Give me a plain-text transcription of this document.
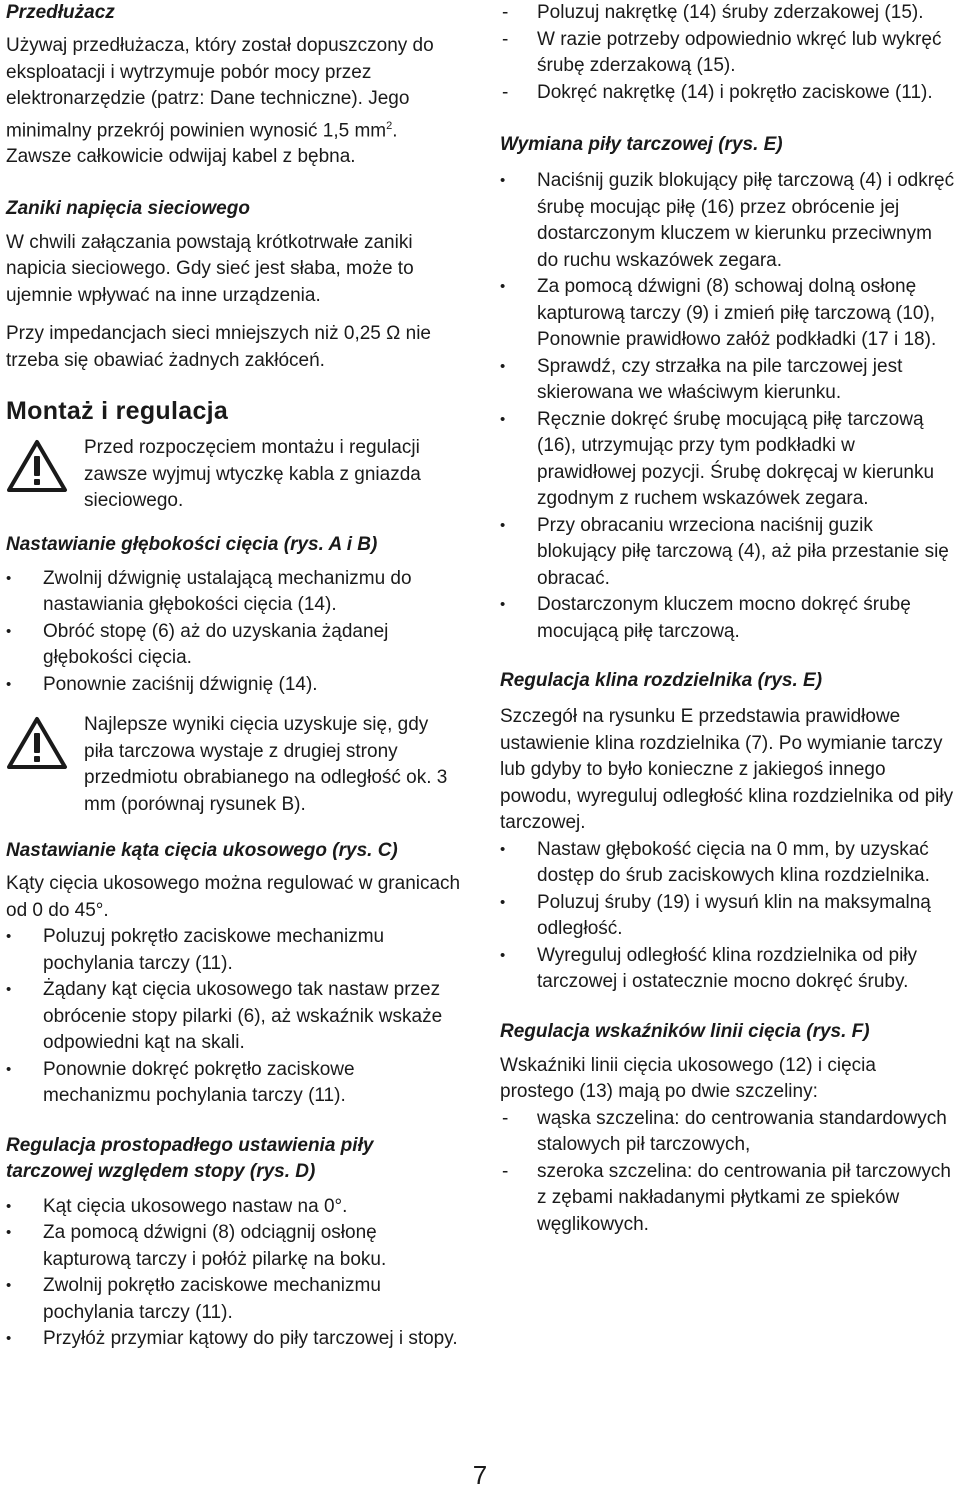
Przedłużacz

Używaj przedłużacza, który został dopuszczony do eksploatacji i wytrzymuje pobór mocy przez elektronarzędzie (patrz: Dane techniczne). Jego minimalny przekrój powinien wynosić 1,5 $mm^2$. Zawsze całkowicie odwijaj kabel z bębna.

Zaniki napięcia sieciowego

W chwili załączania powstają krótkotrwałe zaniki napicia sieciowego. Gdy sieć jest słaba, może to ujemnie wpływać na inne urządzenia.

Przy impedancjach sieci mniejszych niż 0,25 Ω nie trzeba się obawiać żadnych zakłóceń.

Montaż i regulacja

Przed rozpoczęciem montażu i regulacji zawsze wyjmuj wtyczkę kabla z gniazda sieciowego.

Nastawianie głębokości cięcia (rys. A i B)
• Zwolnij dźwignię ustalającą mechanizmu do nastawiania głębokości cięcia (14).
• Obróć stopę (6) aż do uzyskania żądanej głębokości cięcia.
• Ponownie zaciśnij dźwignię (14).

Najlepsze wyniki cięcia uzyskuje się, gdy piła tarczowa wystaje z drugiej strony przedmiotu obrabianego na odległość ok. 3 mm (porównaj rysunek B).

Nastawianie kąta cięcia ukosowego (rys. C)

Kąty cięcia ukosowego można regulować w granicach od 0 do 45°.

• Poluzuj pokrętło zaciskowe mechanizmu pochylania tarczy (11).
• Żądany kąt cięcia ukosowego tak nastaw przez obrócenie stopy pilarki (6), aż wskaźnik wskaże odpowiedni kąt na skali.
• Ponownie dokręć pokrętło zaciskowe mechanizmu pochylania tarczy (11).
Regulacja prostopadłego ustawienia piły tarczowej względem stopy (rys. D)
• Kąt cięcia ukosowego nastaw na 0°.
• Za pomocą dźwigni (8) odciągnij osłonę kapturową tarczy i połóż pilarkę na boku.
• Zwolnij pokrętło zaciskowe mechanizmu pochylania tarczy (11).
• Przyłóż przymiar kątowy do piły tarczowej i stopy.
- Poluzuj nakrętkę (14) śruby zderzakowej (15).
- W razie potrzeby odpowiednio wkręć lub wykręć śrubę zderzakową (15).
- Dokręć nakrętkę (14) i pokrętło zaciskowe (11).
Wymiana piły tarczowej (rys. E)
• Naciśnij guzik blokujący piłę tarczową (4) i odkręć śrubę mocując piłę (16) przez obrócenie jej dostarczonym kluczem w kierunku przeciwnym do ruchu wskazówek zegara.
• Za pomocą dźwigni (8) schowaj dolną osłonę kapturową tarczy (9) i zmień piłę tarczową (10), Ponownie prawidłowo załóż podkładki (17 i 18).
• Sprawdź, czy strzałka na pile tarczowej jest skierowana we właściwym kierunku.
• Ręcznie dokręć śrubę mocującą piłę tarczową (16), utrzymując przy tym podkładki w prawidłowej pozycji. Śrubę dokręcaj w kierunku zgodnym z ruchem wskazówek zegara.
• Przy obracaniu wrzeciona naciśnij guzik blokujący piłę tarczową (4), aż piła przestanie się obracać.
• Dostarczonym kluczem mocno dokręć śrubę mocującą piłę tarczową.
Regulacja klina rozdzielnika (rys. E)

Szczegół na rysunku E przedstawia prawidłowe ustawienie klina rozdzielnika (7). Po wymianie tarczy lub gdyby to było konieczne z jakiegoś innego powodu, wyreguluj odległość klina rozdzielnika od piły tarczowej.

• Nastaw głębokość cięcia na 0 mm, by uzyskać dostęp do śrub zaciskowych klina rozdzielnika.
• Poluzuj śruby (19) i wysuń klin na maksymalną odległość.
• Wyreguluj odległość klina rozdzielnika od piły tarczowej i ostatecznie mocno dokręć śruby.
Regulacja wskaźników linii cięcia (rys. F)

Wskaźniki linii cięcia ukosowego (12) i cięcia prostego (13) mają po dwie szczeliny:

- wąska szczelina: do centrowania standardowych stalowych pił tarczowych,
- szeroka szczelina: do centrowania pił tarczowych z zębami nakładanymi płytkami ze spieków węglikowych.
7
